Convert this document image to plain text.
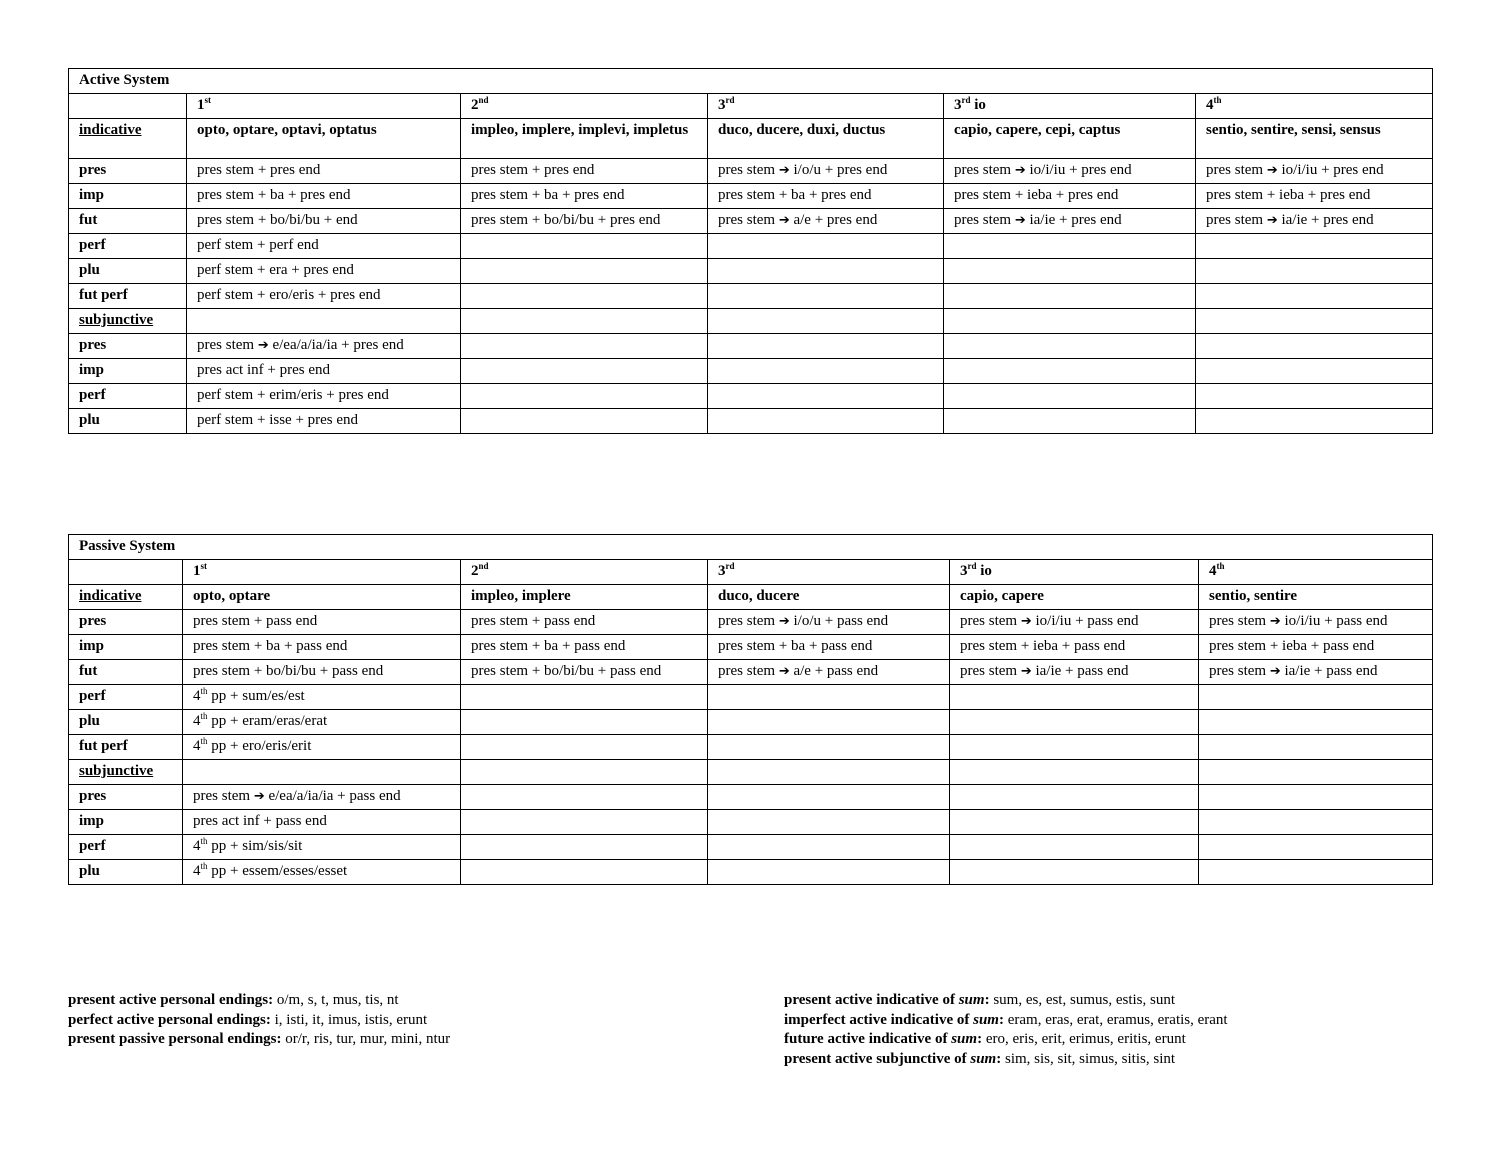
Active System					
	1st	2nd	3rd	3rd io	4th
indicative	opto, optare, optavi, optatus	impleo, implere, implevi, impletus	duco, ducere, duxi, ductus	capio, capere, cepi, captus	sentio, sentire, sensi, sensus
pres	pres stem + pres end	pres stem + pres end	pres stem ➔ i/o/u + pres end	pres stem ➔ io/i/iu + pres end	pres stem ➔ io/i/iu + pres end
imp	pres stem + ba + pres end	pres stem + ba + pres end	pres stem + ba + pres end	pres stem + ieba + pres end	pres stem + ieba + pres end
fut	pres stem + bo/bi/bu + end	pres stem + bo/bi/bu + pres end	pres stem ➔ a/e + pres end	pres stem ➔ ia/ie + pres end	pres stem ➔ ia/ie + pres end
perf	perf stem + perf end				
plu	perf stem + era + pres end				
fut perf	perf stem + ero/eris + pres end				
subjunctive					
pres	pres stem ➔ e/ea/a/ia/ia + pres end				
imp	pres act inf + pres end				
perf	perf stem + erim/eris + pres end				
plu	perf stem + isse + pres end				
Passive System					
	1st	2nd	3rd	3rd io	4th
indicative	opto, optare	impleo, implere	duco, ducere	capio, capere	sentio, sentire
pres	pres stem + pass end	pres stem + pass end	pres stem ➔ i/o/u + pass end	pres stem ➔ io/i/iu + pass end	pres stem ➔ io/i/iu + pass end
imp	pres stem + ba + pass end	pres stem + ba + pass end	pres stem + ba + pass end	pres stem + ieba + pass end	pres stem + ieba + pass end
fut	pres stem + bo/bi/bu + pass end	pres stem + bo/bi/bu + pass end	pres stem ➔ a/e + pass end	pres stem ➔ ia/ie + pass end	pres stem ➔ ia/ie + pass end
perf	4th pp + sum/es/est				
plu	4th pp + eram/eras/erat				
fut perf	4th pp + ero/eris/erit				
subjunctive					
pres	pres stem ➔ e/ea/a/ia/ia + pass end				
imp	pres act inf + pass end				
perf	4th pp + sim/sis/sit				
plu	4th pp + essem/esses/esset				
present active personal endings: o/m, s, t, mus, tis, nt
perfect active personal endings: i, isti, it, imus, istis, erunt
present passive personal endings: or/r, ris, tur, mur, mini, ntur
present active indicative of sum: sum, es, est, sumus, estis, sunt
imperfect active indicative of sum: eram, eras, erat, eramus, eratis, erant
future active indicative of sum: ero, eris, erit, erimus, eritis, erunt
present active subjunctive of sum: sim, sis, sit, simus, sitis, sint
